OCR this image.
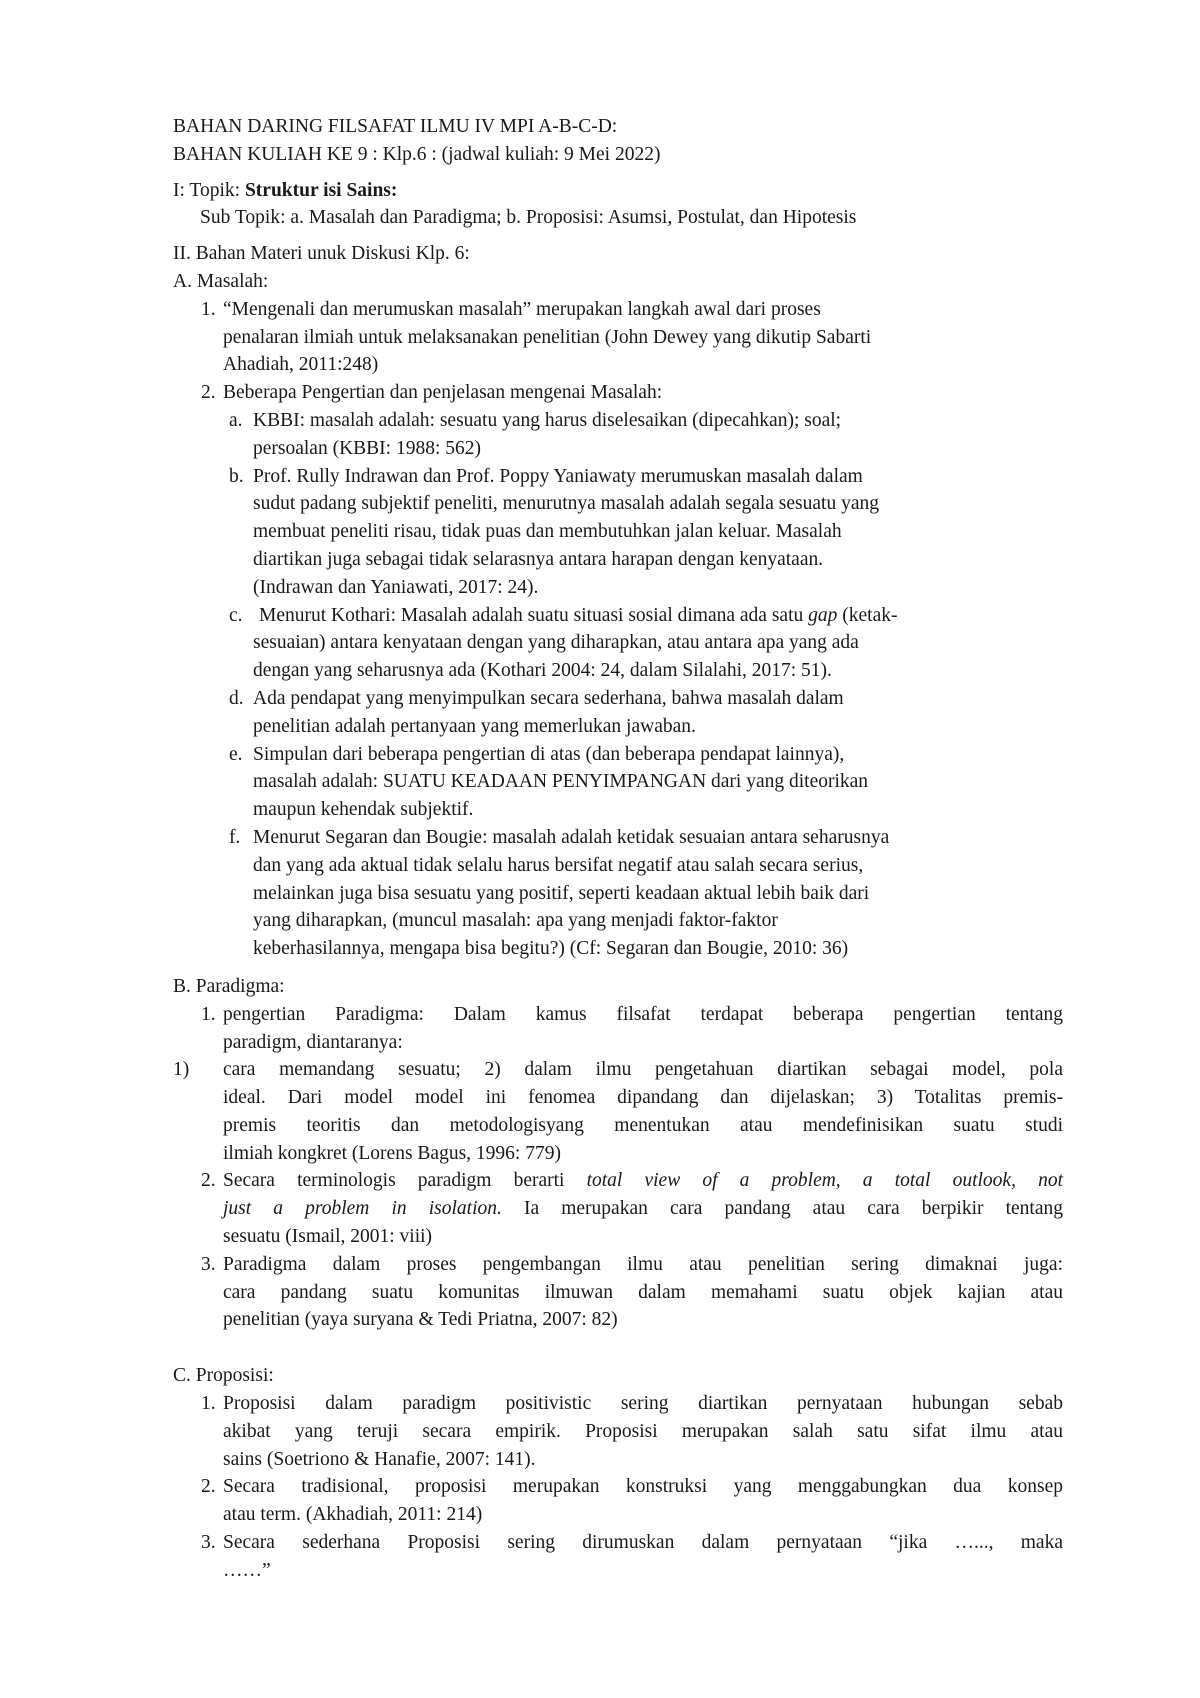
BAHAN DARING FILSAFAT ILMU IV MPI A-B-C-D:
BAHAN KULIAH KE 9 : Klp.6 : (jadwal kuliah: 9 Mei 2022)
I: Topik: Struktur isi Sains:
Sub Topik: a. Masalah dan Paradigma; b. Proposisi: Asumsi, Postulat, dan Hipotesis
II. Bahan Materi unuk Diskusi Klp. 6:
A. Masalah:
1. “Mengenali dan merumuskan masalah” merupakan langkah awal dari proses
penalaran ilmiah untuk melaksanakan penelitian (John Dewey yang dikutip Sabarti
Ahadiah, 2011:248)
2. Beberapa Pengertian dan penjelasan mengenai Masalah:
a. KBBI: masalah adalah: sesuatu yang harus diselesaikan (dipecahkan); soal;
persoalan (KBBI: 1988: 562)
b. Prof. Rully Indrawan dan Prof. Poppy Yaniawaty merumuskan masalah dalam
sudut padang subjektif peneliti, menurutnya masalah adalah segala sesuatu yang
membuat peneliti risau, tidak puas dan membutuhkan jalan keluar. Masalah
diartikan juga sebagai tidak selarasnya antara harapan dengan kenyataan.
(Indrawan dan Yaniawati, 2017: 24).
c. Menurut Kothari: Masalah adalah suatu situasi sosial dimana ada satu gap (ketak-
sesuaian) antara kenyataan dengan yang diharapkan, atau antara apa yang ada
dengan yang seharusnya ada (Kothari 2004: 24, dalam Silalahi, 2017: 51).
d. Ada pendapat yang menyimpulkan secara sederhana, bahwa masalah dalam
penelitian adalah pertanyaan yang memerlukan jawaban.
e. Simpulan dari beberapa pengertian di atas (dan beberapa pendapat lainnya),
masalah adalah: SUATU KEADAAN PENYIMPANGAN dari yang diteorikan
maupun kehendak subjektif.
f. Menurut Segaran dan Bougie: masalah adalah ketidak sesuaian antara seharusnya
dan yang ada aktual tidak selalu harus bersifat negatif atau salah secara serius,
melainkan juga bisa sesuatu yang positif, seperti keadaan aktual lebih baik dari
yang diharapkan, (muncul masalah: apa yang menjadi faktor-faktor
keberhasilannya, mengapa bisa begitu?) (Cf: Segaran dan Bougie, 2010: 36)
B. Paradigma:
1. pengertian Paradigma: Dalam kamus filsafat terdapat beberapa pengertian tentang
paradigm, diantaranya:
1)	cara memandang sesuatu; 2) dalam ilmu pengetahuan diartikan sebagai model, pola
ideal. Dari model model ini fenomea dipandang dan dijelaskan; 3) Totalitas premis-
premis teoritis dan metodologisyang menentukan atau mendefinisikan suatu studi
ilmiah kongkret (Lorens Bagus, 1996: 779)
2. Secara terminologis paradigm berarti total view of a problem, a total outlook, not
just a problem in isolation. Ia merupakan cara pandang atau cara berpikir tentang
sesuatu (Ismail, 2001: viii)
3. Paradigma dalam proses pengembangan ilmu atau penelitian sering dimaknai juga:
cara pandang suatu komunitas ilmuwan dalam memahami suatu objek kajian atau
penelitian (yaya suryana & Tedi Priatna, 2007: 82)
C. Proposisi:
1. Proposisi dalam paradigm positivistic sering diartikan pernyataan hubungan sebab
akibat yang teruji secara empirik. Proposisi merupakan salah satu sifat ilmu atau
sains (Soetriono & Hanafie, 2007: 141).
2. Secara tradisional, proposisi merupakan konstruksi yang menggabungkan dua konsep
atau term. (Akhadiah, 2011: 214)
3. Secara sederhana Proposisi sering dirumuskan dalam pernyataan “jika …..., maka
……”
